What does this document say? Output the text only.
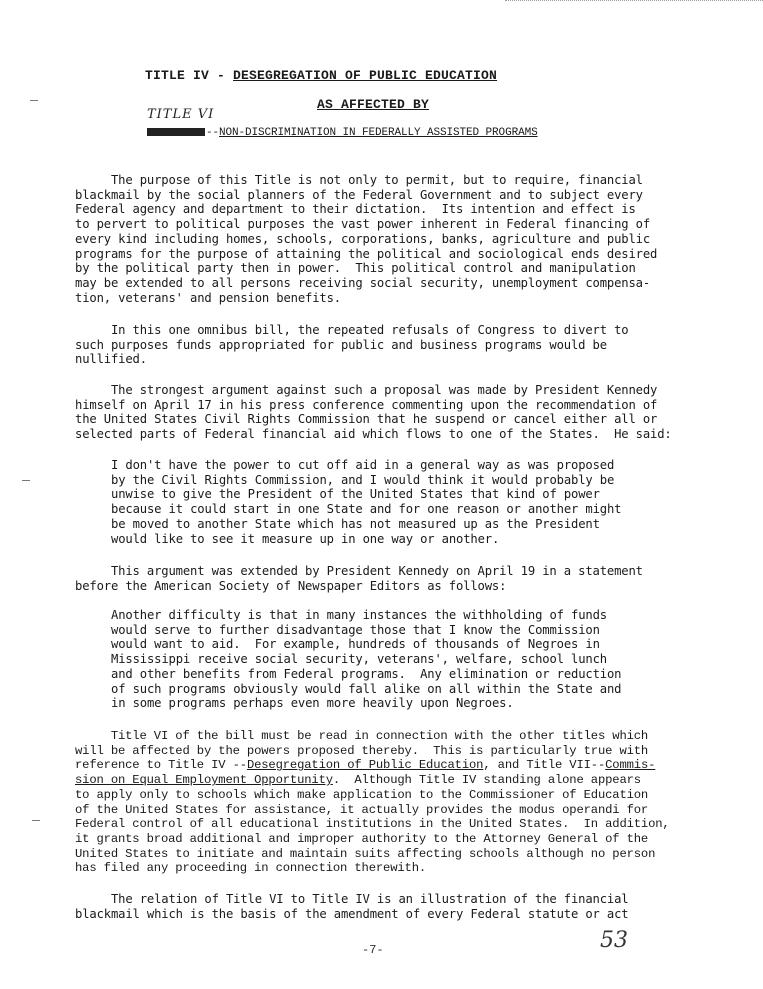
TITLE IV - DESEGREGATION OF PUBLIC EDUCATION
AS AFFECTED BY
TITLE VI
--NON-DISCRIMINATION IN FEDERALLY ASSISTED PROGRAMS
The purpose of this Title is not only to permit, but to require, financial
blackmail by the social planners of the Federal Government and to subject every
Federal agency and department to their dictation.  Its intention and effect is
to pervert to political purposes the vast power inherent in Federal financing of
every kind including homes, schools, corporations, banks, agriculture and public
programs for the purpose of attaining the political and sociological ends desired
by the political party then in power.  This political control and manipulation
may be extended to all persons receiving social security, unemployment compensa-
tion, veterans' and pension benefits.
In this one omnibus bill, the repeated refusals of Congress to divert to
such purposes funds appropriated for public and business programs would be
nullified.
The strongest argument against such a proposal was made by President Kennedy
himself on April 17 in his press conference commenting upon the recommendation of
the United States Civil Rights Commission that he suspend or cancel either all or
selected parts of Federal financial aid which flows to one of the States.  He said:
I don't have the power to cut off aid in a general way as was proposed
by the Civil Rights Commission, and I would think it would probably be
unwise to give the President of the United States that kind of power
because it could start in one State and for one reason or another might
be moved to another State which has not measured up as the President
would like to see it measure up in one way or another.
This argument was extended by President Kennedy on April 19 in a statement
before the American Society of Newspaper Editors as follows:
Another difficulty is that in many instances the withholding of funds
would serve to further disadvantage those that I know the Commission
would want to aid.  For example, hundreds of thousands of Negroes in
Mississippi receive social security, veterans', welfare, school lunch
and other benefits from Federal programs.  Any elimination or reduction
of such programs obviously would fall alike on all within the State and
in some programs perhaps even more heavily upon Negroes.
Title VI of the bill must be read in connection with the other titles which
will be affected by the powers proposed thereby.  This is particularly true with
reference to Title IV --Desegregation of Public Education, and Title VII--Commis-
sion on Equal Employment Opportunity.  Although Title IV standing alone appears
to apply only to schools which make application to the Commissioner of Education
of the United States for assistance, it actually provides the modus operandi for
Federal control of all educational institutions in the United States.  In addition,
it grants broad additional and improper authority to the Attorney General of the
United States to initiate and maintain suits affecting schools although no person
has filed any proceeding in connection therewith.
The relation of Title VI to Title IV is an illustration of the financial
blackmail which is the basis of the amendment of every Federal statute or act
-7-	53
